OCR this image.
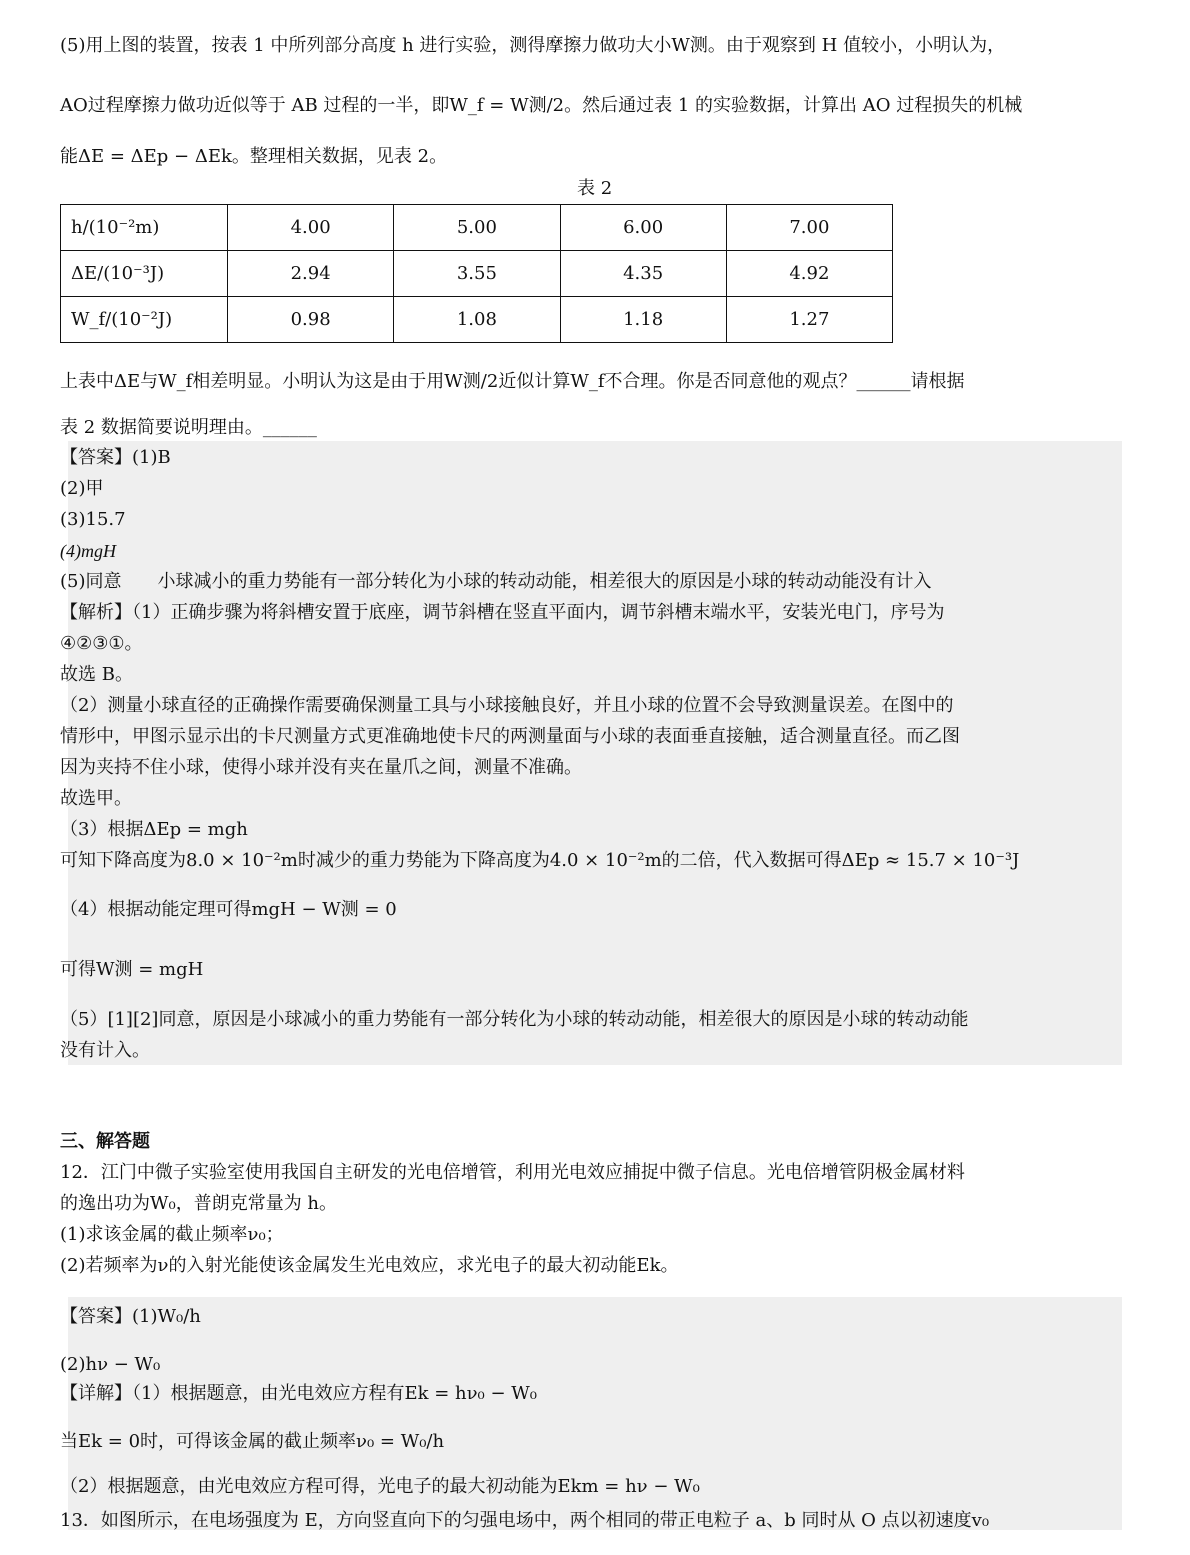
(5)用上图的装置，按表 1 中所列部分高度 h 进行实验，测得摩擦力做功大小W测。由于观察到 H 值较小，小明认为，
AO过程摩擦力做功近似等于 AB 过程的一半，即W_f = W测/2。然后通过表 1 的实验数据，计算出 AO 过程损失的机械
能ΔE = ΔEp − ΔEk。整理相关数据，见表 2。
表 2
h/(10⁻²m)	4.00	5.00	6.00	7.00
ΔE/(10⁻³J)	2.94	3.55	4.35	4.92
W_f/(10⁻²J)	0.98	1.08	1.18	1.27
上表中ΔE与W_f相差明显。小明认为这是由于用W测/2近似计算W_f不合理。你是否同意他的观点？______请根据
表 2 数据简要说明理由。______
【答案】(1)B
(2)甲
(3)15.7
(4)mgH
(5)同意　　小球减小的重力势能有一部分转化为小球的转动动能，相差很大的原因是小球的转动动能没有计入
【解析】（1）正确步骤为将斜槽安置于底座，调节斜槽在竖直平面内，调节斜槽末端水平，安装光电门，序号为
④②③①。
故选 B。
（2）测量小球直径的正确操作需要确保测量工具与小球接触良好，并且小球的位置不会导致测量误差。在图中的
情形中，甲图示显示出的卡尺测量方式更准确地使卡尺的两测量面与小球的表面垂直接触，适合测量直径。而乙图
因为夹持不住小球，使得小球并没有夹在量爪之间，测量不准确。
故选甲。
（3）根据ΔEp = mgh
可知下降高度为8.0 × 10⁻²m时减少的重力势能为下降高度为4.0 × 10⁻²m的二倍，代入数据可得ΔEp ≈ 15.7 × 10⁻³J
（4）根据动能定理可得mgH − W测 = 0
可得W测 = mgH
（5）[1][2]同意，原因是小球减小的重力势能有一部分转化为小球的转动动能，相差很大的原因是小球的转动动能
没有计入。
三、解答题
12．江门中微子实验室使用我国自主研发的光电倍增管，利用光电效应捕捉中微子信息。光电倍增管阴极金属材料
的逸出功为W₀，普朗克常量为 h。
(1)求该金属的截止频率ν₀；
(2)若频率为ν的入射光能使该金属发生光电效应，求光电子的最大初动能Ek。
【答案】(1)W₀/h
(2)hν − W₀
【详解】（1）根据题意，由光电效应方程有Ek = hν₀ − W₀
当Ek = 0时，可得该金属的截止频率ν₀ = W₀/h
（2）根据题意，由光电效应方程可得，光电子的最大初动能为Ekm = hν − W₀
13．如图所示，在电场强度为 E，方向竖直向下的匀强电场中，两个相同的带正电粒子 a、b 同时从 O 点以初速度v₀
